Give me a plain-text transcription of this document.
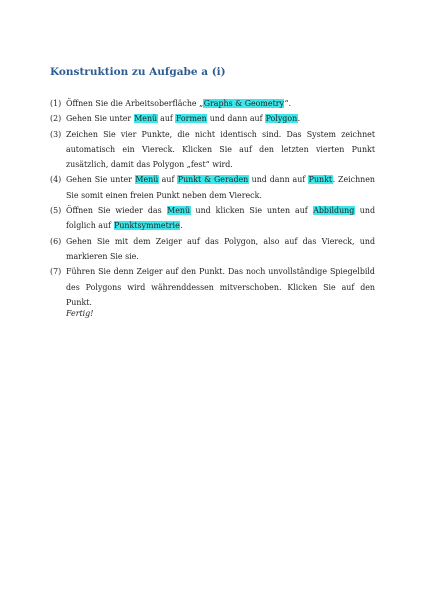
Konstruktion zu Aufgabe a (i)
(1) Öffnen Sie die Arbeitsoberfläche „Graphs & Geometry“.
(2) Gehen Sie unter Menü auf Formen und dann auf Polygon.
(3) Zeichen Sie vier Punkte, die nicht identisch sind. Das System zeichnet automatisch ein Viereck. Klicken Sie auf den letzten vierten Punkt zusätzlich, damit das Polygon „fest“ wird.
(4) Gehen Sie unter Menü auf Punkt & Geraden und dann auf Punkt. Zeichnen Sie somit einen freien Punkt neben dem Viereck.
(5) Öffnen Sie wieder das Menü und klicken Sie unten auf Abbildung und folglich auf Punktsymmetrie.
(6) Gehen Sie mit dem Zeiger auf das Polygon, also auf das Viereck, und markieren Sie sie.
(7) Führen Sie denn Zeiger auf den Punkt. Das noch unvollständige Spiegelbild des Polygons wird währenddessen mitverschoben. Klicken Sie auf den Punkt.
Fertig!
